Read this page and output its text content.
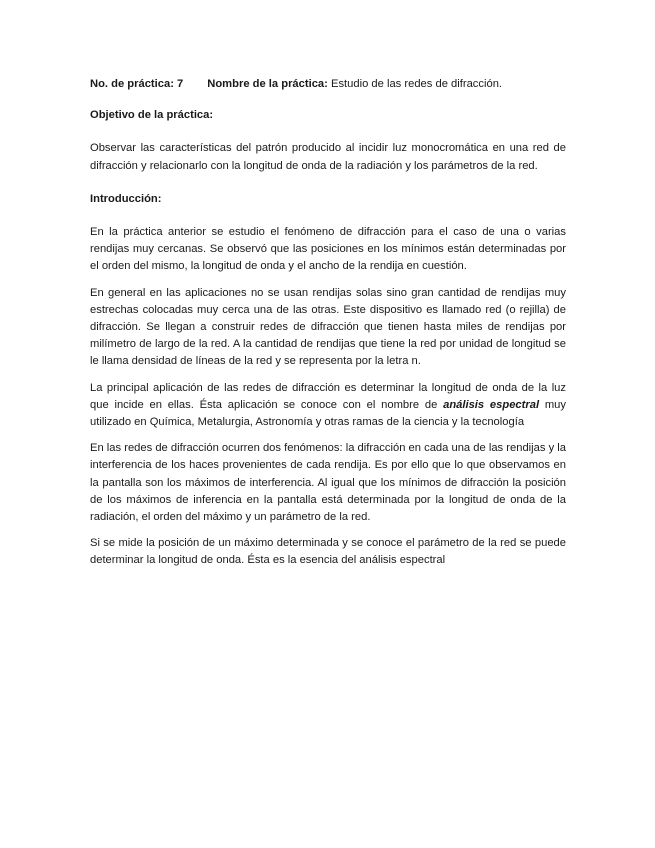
No. de práctica: 7 Nombre de la práctica: Estudio de las redes de difracción.

Objetivo de la práctica:

Observar las características del patrón producido al incidir luz monocromática en una red de difracción y relacionarlo con la longitud de onda de la radiación y los parámetros de la red.

Introducción:

En la práctica anterior se estudio el fenómeno de difracción para el caso de una o varias rendijas muy cercanas. Se observó que las posiciones en los mínimos están determinadas por el orden del mismo, la longitud de onda y el ancho de la rendija en cuestión.

En general en las aplicaciones no se usan rendijas solas sino gran cantidad de rendijas muy estrechas colocadas muy cerca una de las otras. Este dispositivo es llamado red (o rejilla) de difracción. Se llegan a construir redes de difracción que tienen hasta miles de rendijas por milímetro de largo de la red. A la cantidad de rendijas que tiene la red por unidad de longitud se le llama densidad de líneas de la red y se representa por la letra n.

La principal aplicación de las redes de difracción es determinar la longitud de onda de la luz que incide en ellas. Ésta aplicación se conoce con el nombre de análisis espectral muy utilizado en Química, Metalurgia, Astronomía y otras ramas de la ciencia y la tecnología

En las redes de difracción ocurren dos fenómenos: la difracción en cada una de las rendijas y la interferencia de los haces provenientes de cada rendija. Es por ello que lo que observamos en la pantalla son los máximos de interferencia. Al igual que los mínimos de difracción la posición de los máximos de inferencia en la pantalla está determinada por la longitud de onda de la radiación, el orden del máximo y un parámetro de la red.

Si se mide la posición de un máximo determinada y se conoce el parámetro de la red se puede determinar la longitud de onda. Ésta es la esencia del análisis espectral
